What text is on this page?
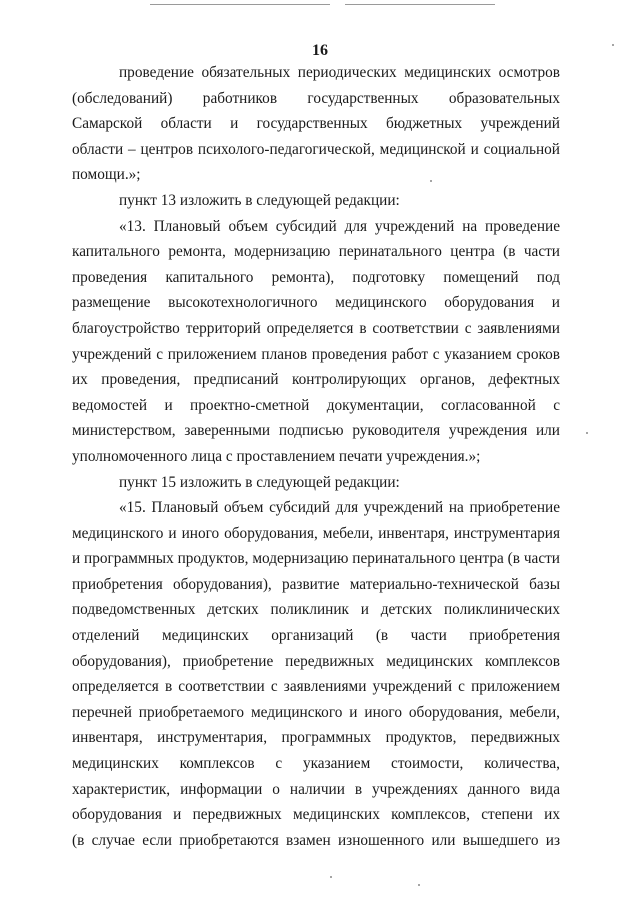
16
проведение обязательных периодических медицинских осмотров
(обследований) работников государственных образовательных
Самарской области и государственных бюджетных учреждений
области – центров психолого-педагогической, медицинской и социальной
помощи.»;
пункт 13 изложить в следующей редакции:
«13. Плановый объем субсидий для учреждений на проведение
капитального ремонта, модернизацию перинатального центра (в части
проведения капитального ремонта), подготовку помещений под
размещение высокотехнологичного медицинского оборудования и
благоустройство территорий определяется в соответствии с заявлениями
учреждений с приложением планов проведения работ с указанием сроков
их проведения, предписаний контролирующих органов, дефектных
ведомостей и проектно-сметной документации, согласованной с
министерством, заверенными подписью руководителя учреждения или
уполномоченного лица с проставлением печати учреждения.»;
пункт 15 изложить в следующей редакции:
«15. Плановый объем субсидий для учреждений на приобретение
медицинского и иного оборудования, мебели, инвентаря, инструментария
и программных продуктов, модернизацию перинатального центра (в части
приобретения оборудования), развитие материально-технической базы
подведомственных детских поликлиник и детских поликлинических
отделений медицинских организаций (в части приобретения
оборудования), приобретение передвижных медицинских комплексов
определяется в соответствии с заявлениями учреждений с приложением
перечней приобретаемого медицинского и иного оборудования, мебели,
инвентаря, инструментария, программных продуктов, передвижных
медицинских комплексов с указанием стоимости, количества,
характеристик, информации о наличии в учреждениях данного вида
оборудования и передвижных медицинских комплексов, степени их
(в случае если приобретаются взамен изношенного или вышедшего из
